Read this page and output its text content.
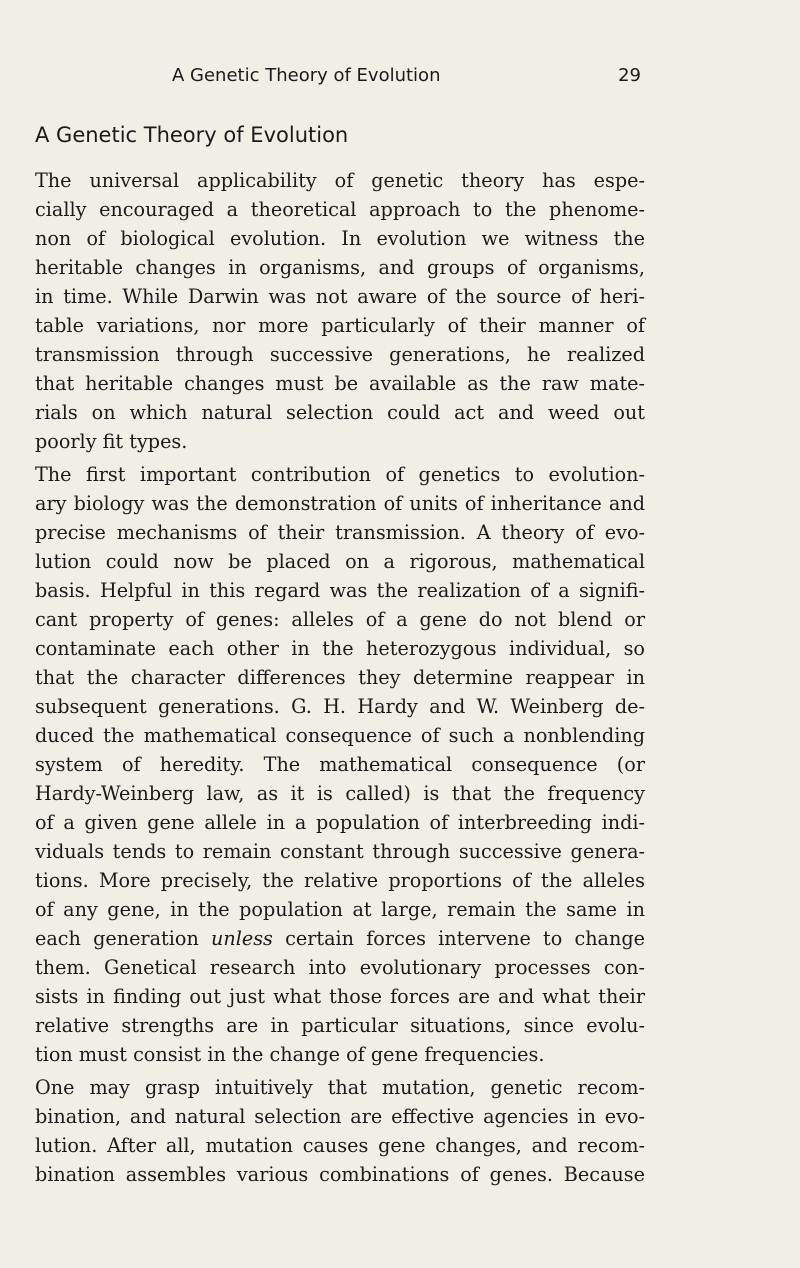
A Genetic Theory of Evolution	29
A Genetic Theory of Evolution

The universal applicability of genetic theory has espe-
cially encouraged a theoretical approach to the phenome-
non of biological evolution. In evolution we witness the
heritable changes in organisms, and groups of organisms,
in time. While Darwin was not aware of the source of heri-
table variations, nor more particularly of their manner of
transmission through successive generations, he realized
that heritable changes must be available as the raw mate-
rials on which natural selection could act and weed out
poorly fit types.

The first important contribution of genetics to evolution-
ary biology was the demonstration of units of inheritance and
precise mechanisms of their transmission. A theory of evo-
lution could now be placed on a rigorous, mathematical
basis. Helpful in this regard was the realization of a signifi-
cant property of genes: alleles of a gene do not blend or
contaminate each other in the heterozygous individual, so
that the character differences they determine reappear in
subsequent generations. G. H. Hardy and W. Weinberg de-
duced the mathematical consequence of such a nonblending
system of heredity. The mathematical consequence (or
Hardy-Weinberg law, as it is called) is that the frequency
of a given gene allele in a population of interbreeding indi-
viduals tends to remain constant through successive genera-
tions. More precisely, the relative proportions of the alleles
of any gene, in the population at large, remain the same in
each generation unless certain forces intervene to change
them. Genetical research into evolutionary processes con-
sists in finding out just what those forces are and what their
relative strengths are in particular situations, since evolu-
tion must consist in the change of gene frequencies.

One may grasp intuitively that mutation, genetic recom-
bination, and natural selection are effective agencies in evo-
lution. After all, mutation causes gene changes, and recom-
bination assembles various combinations of genes. Because
